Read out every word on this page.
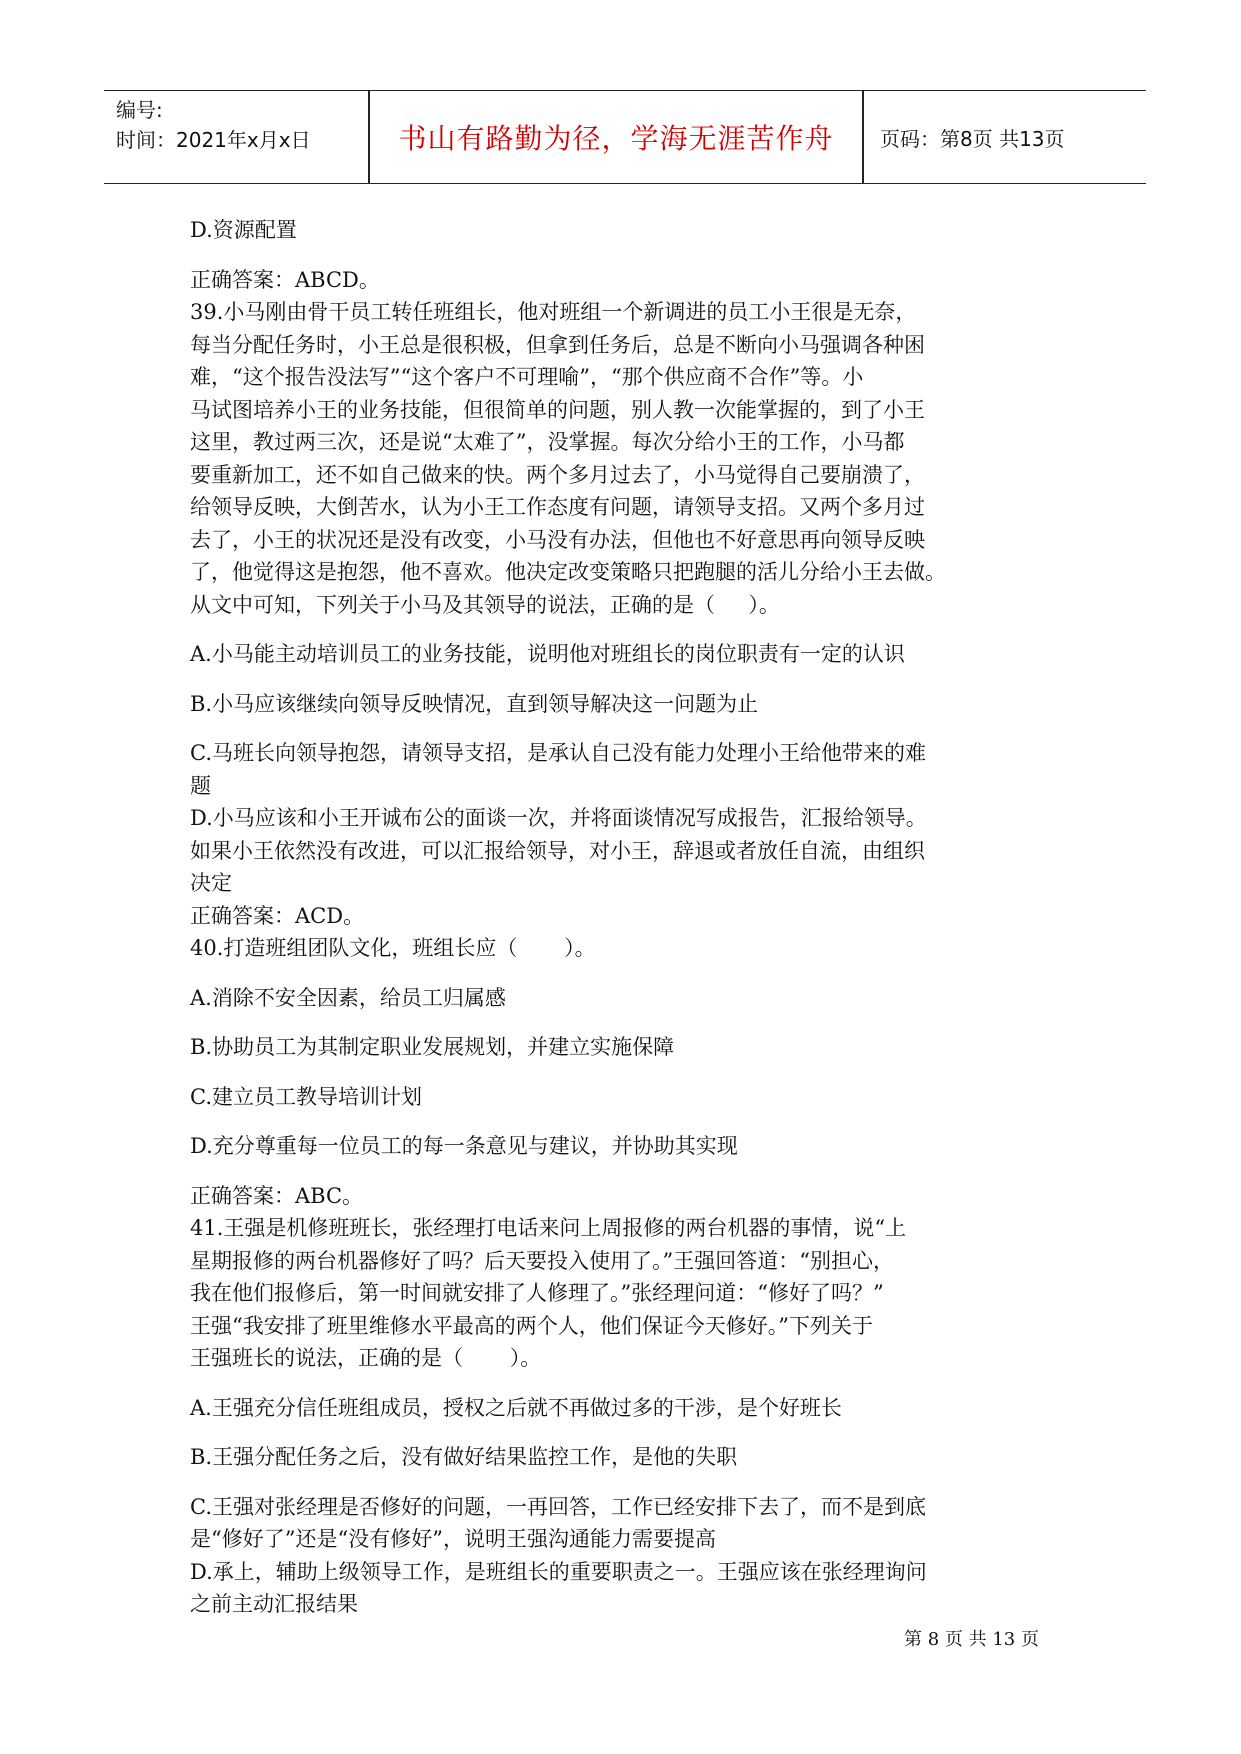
编号:
时间：2021年x月x日	书山有路勤为径，学海无涯苦作舟	页码：第8页 共13页

D.资源配置

正确答案：ABCD。

39.小马刚由骨干员工转任班组长，他对班组一个新调进的员工小王很是无奈，

每当分配任务时，小王总是很积极，但拿到任务后，总是不断向小马强调各种困

难，“这个报告没法写”“这个客户不可理喻”，“那个供应商不合作”等。小

马试图培养小王的业务技能，但很简单的问题，别人教一次能掌握的，到了小王

这里，教过两三次，还是说“太难了”，没掌握。每次分给小王的工作，小马都

要重新加工，还不如自己做来的快。两个多月过去了，小马觉得自己要崩溃了，

给领导反映，大倒苦水，认为小王工作态度有问题，请领导支招。又两个多月过

去了，小王的状况还是没有改变，小马没有办法，但他也不好意思再向领导反映

了，他觉得这是抱怨，他不喜欢。他决定改变策略只把跑腿的活儿分给小王去做。

从文中可知，下列关于小马及其领导的说法，正确的是（     ）。

A.小马能主动培训员工的业务技能，说明他对班组长的岗位职责有一定的认识

B.小马应该继续向领导反映情况，直到领导解决这一问题为止

C.马班长向领导抱怨，请领导支招，是承认自己没有能力处理小王给他带来的难

题

D.小马应该和小王开诚布公的面谈一次，并将面谈情况写成报告，汇报给领导。

如果小王依然没有改进，可以汇报给领导，对小王，辞退或者放任自流，由组织

决定

正确答案：ACD。

40.打造班组团队文化，班组长应（       ）。

A.消除不安全因素，给员工归属感

B.协助员工为其制定职业发展规划，并建立实施保障

C.建立员工教导培训计划

D.充分尊重每一位员工的每一条意见与建议，并协助其实现

正确答案：ABC。

41.王强是机修班班长，张经理打电话来问上周报修的两台机器的事情，说“上

星期报修的两台机器修好了吗？后天要投入使用了。”王强回答道：“别担心，

我在他们报修后，第一时间就安排了人修理了。”张经理问道：“修好了吗？”

王强“我安排了班里维修水平最高的两个人，他们保证今天修好。”下列关于

王强班长的说法，正确的是（       ）。

A.王强充分信任班组成员，授权之后就不再做过多的干涉，是个好班长

B.王强分配任务之后，没有做好结果监控工作，是他的失职

C.王强对张经理是否修好的问题，一再回答，工作已经安排下去了，而不是到底

是“修好了”还是“没有修好”，说明王强沟通能力需要提高

D.承上，辅助上级领导工作，是班组长的重要职责之一。王强应该在张经理询问

之前主动汇报结果

第 8 页 共 13 页
